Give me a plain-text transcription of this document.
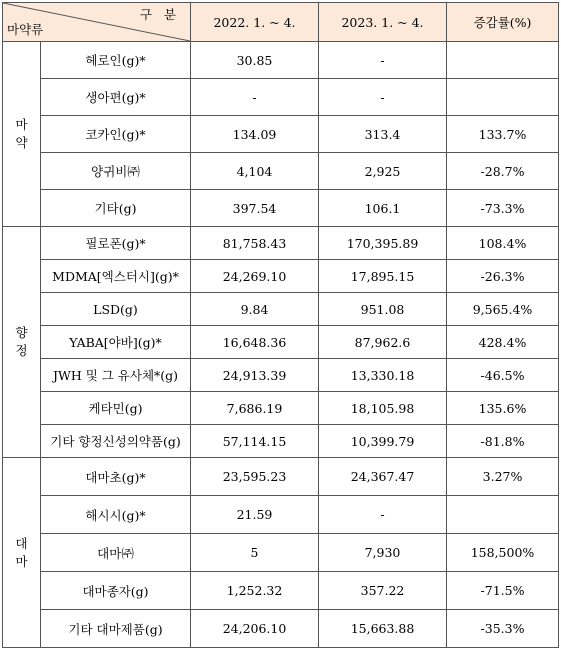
구 분
마약류		2022. 1. ~ 4.	2023. 1. ~ 4.	증감률(%)

마
약	헤로인(g)*	30.85	-	
	생아편(g)*	-	-	
	코카인(g)*	134.09	313.4	133.7%
	양귀비㈜	4,104	2,925	-28.7%
	기타(g)	397.54	106.1	-73.3%

향
정	필로폰(g)*	81,758.43	170,395.89	108.4%
	MDMA[엑스터시](g)*	24,269.10	17,895.15	-26.3%
	LSD(g)	9.84	951.08	9,565.4%
	YABA[야바](g)*	16,648.36	87,962.6	428.4%
	JWH 및 그 유사체*(g)	24,913.39	13,330.18	-46.5%
	케타민(g)	7,686.19	18,105.98	135.6%
	기타 향정신성의약품(g)	57,114.15	10,399.79	-81.8%

대
마	대마초(g)*	23,595.23	24,367.47	3.27%
	해시시(g)*	21.59	-	
	대마㈜	5	7,930	158,500%
	대마종자(g)	1,252.32	357.22	-71.5%
	기타 대마제품(g)	24,206.10	15,663.88	-35.3%
